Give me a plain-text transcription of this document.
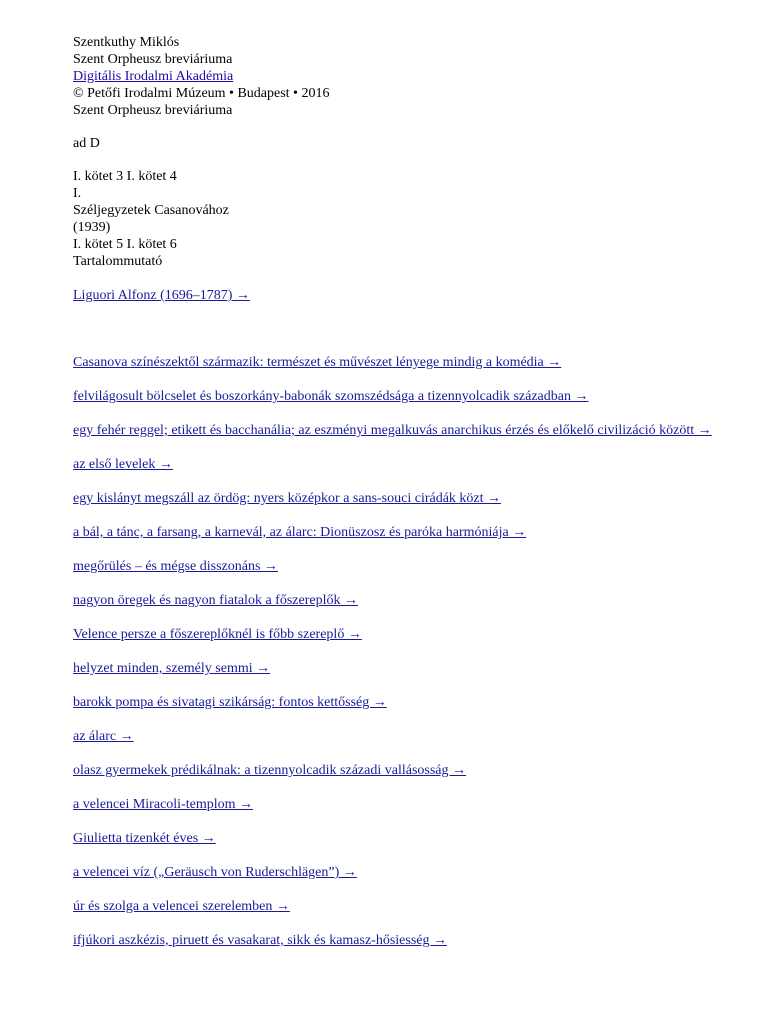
Szentkuthy Miklós
Szent Orpheusz breviáriuma
Digitális Irodalmi Akadémia
© Petőfi Irodalmi Múzeum • Budapest • 2016
Szent Orpheusz breviáriuma
ad D
I. kötet 3 I. kötet 4
I.
Széljegyzetek Casanovához
(1939)
I. kötet 5 I. kötet 6
Tartalommutató
Liguori Alfonz (1696–1787) →
Casanova színészektől származik: természet és művészet lényege mindig a komédia →
felvilágosult bölcselet és boszorkány-babonák szomszédsága a tizennyolcadik században →
egy fehér reggel; etikett és bacchanália; az eszményi megalkuvás anarchikus érzés és előkelő civilizáció között →
az első levelek →
egy kislányt megszáll az ördög: nyers középkor a sans-souci cirádák közt →
a bál, a tánc, a farsang, a karnevál, az álarc: Dionüszosz és paróka harmóniája →
megőrülés – és mégse disszonáns →
nagyon öregek és nagyon fiatalok a főszereplők →
Velence persze a főszereplőknél is főbb szereplő →
helyzet minden, személy semmi →
barokk pompa és sivatagi szikárság: fontos kettősség →
az álarc →
olasz gyermekek prédikálnak: a tizennyolcadik századi vallásosság →
a velencei Miracoli-templom →
Giulietta tizenkét éves →
a velencei víz („Geräusch von Ruderschlägen”) →
úr és szolga a velencei szerelemben →
ifjúkori aszkézis, piruett és vasakarat, sikk és kamasz-hősiesség →
